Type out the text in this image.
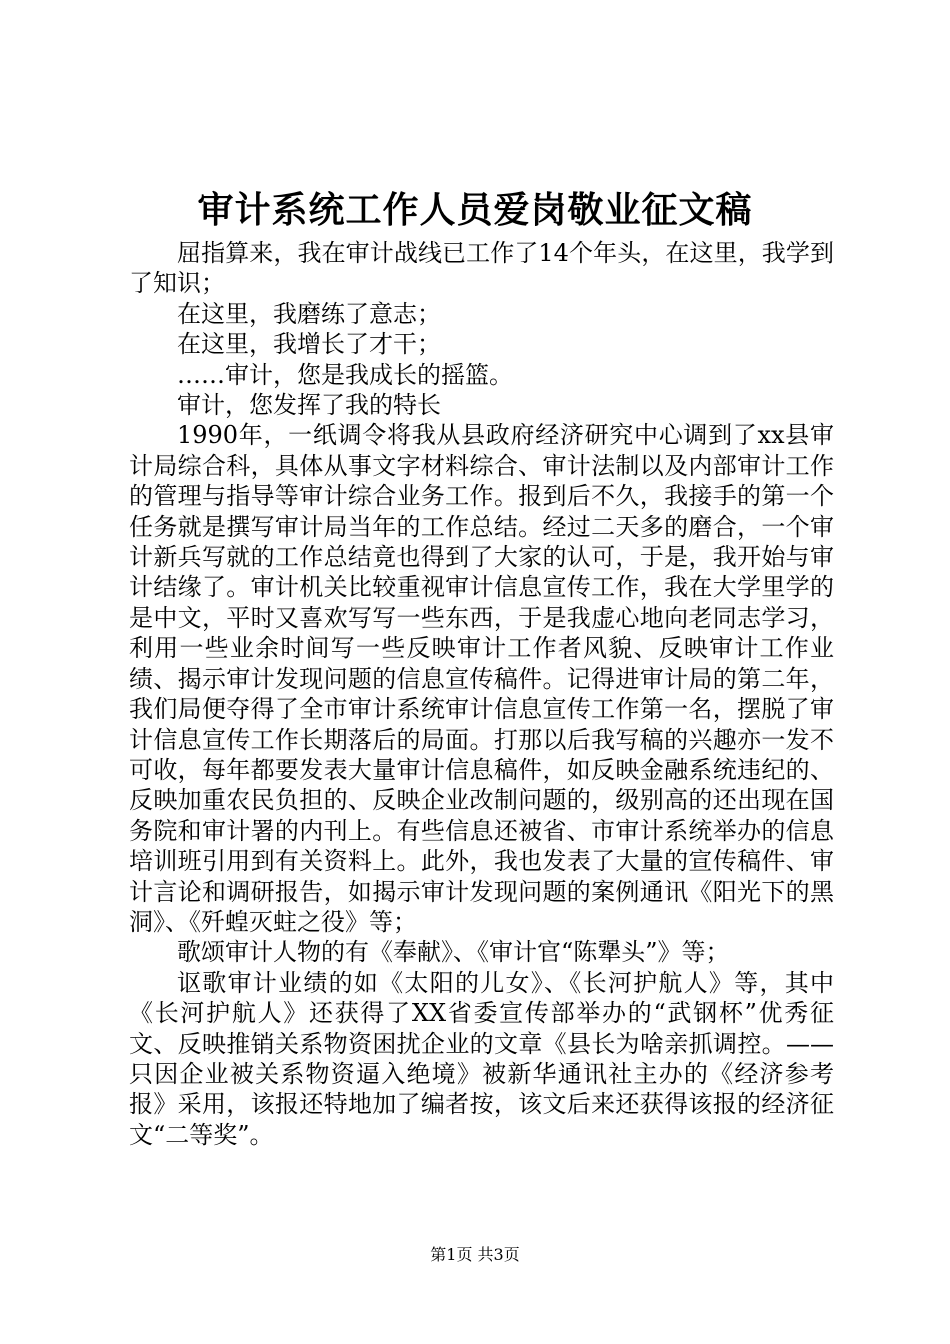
审计系统工作人员爱岗敬业征文稿

屈指算来，我在审计战线已工作了14个年头，在这里，我学到了知识；

在这里，我磨练了意志；

在这里，我增长了才干；

……审计，您是我成长的摇篮。

审计，您发挥了我的特长

1990年，一纸调令将我从县政府经济研究中心调到了xx县审计局综合科，具体从事文字材料综合、审计法制以及内部审计工作的管理与指导等审计综合业务工作。报到后不久，我接手的第一个任务就是撰写审计局当年的工作总结。经过二天多的磨合，一个审计新兵写就的工作总结竟也得到了大家的认可，于是，我开始与审计结缘了。审计机关比较重视审计信息宣传工作，我在大学里学的是中文，平时又喜欢写写一些东西，于是我虚心地向老同志学习，利用一些业余时间写一些反映审计工作者风貌、反映审计工作业绩、揭示审计发现问题的信息宣传稿件。记得进审计局的第二年，我们局便夺得了全市审计系统审计信息宣传工作第一名，摆脱了审计信息宣传工作长期落后的局面。打那以后我写稿的兴趣亦一发不可收，每年都要发表大量审计信息稿件，如反映金融系统违纪的、反映加重农民负担的、反映企业改制问题的，级别高的还出现在国务院和审计署的内刊上。有些信息还被省、市审计系统举办的信息培训班引用到有关资料上。此外，我也发表了大量的宣传稿件、审计言论和调研报告，如揭示审计发现问题的案例通讯《阳光下的黑洞》、《歼蝗灭蛀之役》等；

歌颂审计人物的有《奉献》、《审计官“陈犟头”》等；

讴歌审计业绩的如《太阳的儿女》、《长河护航人》等，其中《长河护航人》还获得了XX省委宣传部举办的“武钢杯”优秀征文、反映推销关系物资困扰企业的文章《县长为啥亲抓调控。——只因企业被关系物资逼入绝境》被新华通讯社主办的《经济参考报》采用，该报还特地加了编者按，该文后来还获得该报的经济征文“二等奖”。

第1页 共3页
